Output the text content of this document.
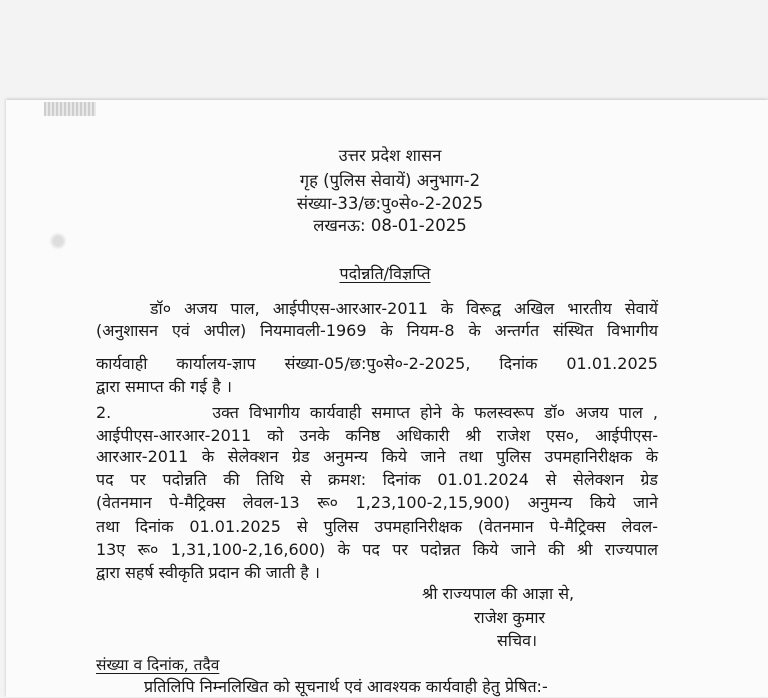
उत्तर प्रदेश शासन
गृह (पुलिस सेवायें) अनुभाग-2
संख्या-33/छ:पु०से०-2-2025
लखनऊ: 08-01-2025
पदोन्नति/विज्ञप्ति
डॉ० अजय पाल, आईपीएस-आरआर-2011 के विरूद्व अखिल भारतीय सेवायें
(अनुशासन एवं अपील) नियमावली-1969 के नियम-8 के अन्तर्गत संस्थित विभागीय
कार्यवाही कार्यालय-ज्ञाप संख्या-05/छ:पु०से०-2-2025, दिनांक 01.01.2025
द्वारा समाप्त की गई है ।
2.          उक्त विभागीय कार्यवाही समाप्त होने के फलस्वरूप डॉ० अजय पाल ,
आईपीएस-आरआर-2011 को उनके कनिष्ठ अधिकारी श्री राजेश एस०, आईपीएस-
आरआर-2011 के सेलेक्शन ग्रेड अनुमन्य किये जाने तथा पुलिस उपमहानिरीक्षक के
पद पर पदोन्नति की तिथि से क्रमश: दिनांक 01.01.2024 से सेलेक्शन ग्रेड
(वेतनमान पे-मैट्रिक्स लेवल-13 रू० 1,23,100-2,15,900) अनुमन्य किये जाने
तथा दिनांक 01.01.2025 से पुलिस उपमहानिरीक्षक (वेतनमान पे-मैट्रिक्स लेवल-
13ए रू० 1,31,100-2,16,600) के पद पर पदोन्नत किये जाने की श्री राज्यपाल
द्वारा सहर्ष स्वीकृति प्रदान की जाती है ।
श्री राज्यपाल की आज्ञा से,
राजेश कुमार
सचिव।
संख्या व दिनांक, तदैव
प्रतिलिपि निम्नलिखित को सूचनार्थ एवं आवश्यक कार्यवाही हेतु प्रेषित:-
